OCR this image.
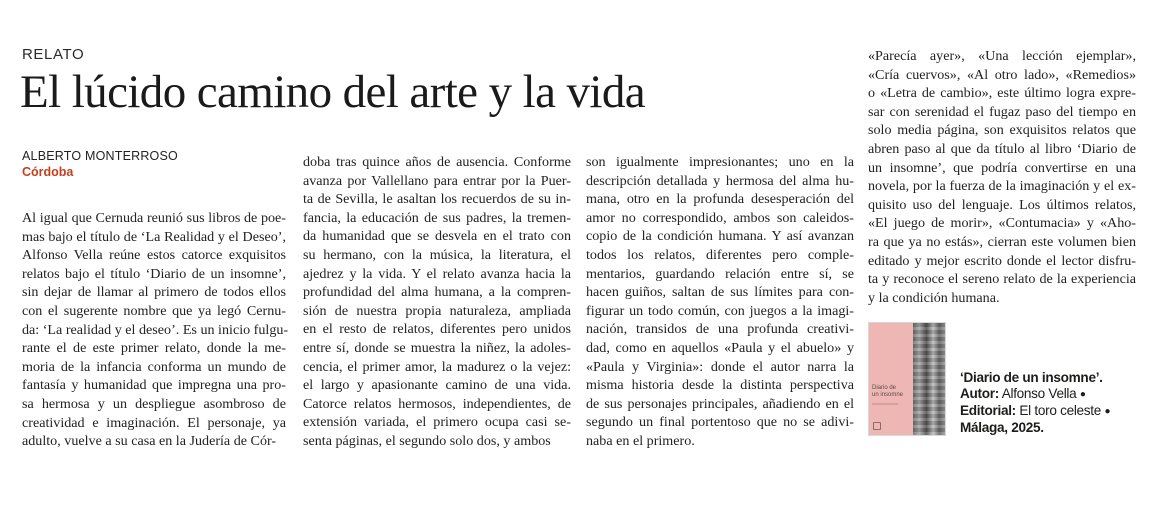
RELATO
El lúcido camino del arte y la vida
ALBERTO MONTERROSO
Córdoba
Al igual que Cernuda reunió sus libros de poe-
mas bajo el título de ‘La Realidad y el Deseo’,
Alfonso Vella reúne estos catorce exquisitos
relatos bajo el título ‘Diario de un insomne’,
sin dejar de llamar al primero de todos ellos
con el sugerente nombre que ya legó Cernu-
da: ‘La realidad y el deseo’. Es un inicio fulgu-
rante el de este primer relato, donde la me-
moria de la infancia conforma un mundo de
fantasía y humanidad que impregna una pro-
sa hermosa y un despliegue asombroso de
creatividad e imaginación. El personaje, ya
adulto, vuelve a su casa en la Judería de Cór-
doba tras quince años de ausencia. Conforme
avanza por Vallellano para entrar por la Puer-
ta de Sevilla, le asaltan los recuerdos de su in-
fancia, la educación de sus padres, la tremen-
da humanidad que se desvela en el trato con
su hermano, con la música, la literatura, el
ajedrez y la vida. Y el relato avanza hacia la
profundidad del alma humana, a la compren-
sión de nuestra propia naturaleza, ampliada
en el resto de relatos, diferentes pero unidos
entre sí, donde se muestra la niñez, la adoles-
cencia, el primer amor, la madurez o la vejez:
el largo y apasionante camino de una vida.
Catorce relatos hermosos, independientes, de
extensión variada, el primero ocupa casi se-
senta páginas, el segundo solo dos, y ambos
son igualmente impresionantes; uno en la
descripción detallada y hermosa del alma hu-
mana, otro en la profunda desesperación del
amor no correspondido, ambos son caleidos-
copio de la condición humana. Y así avanzan
todos los relatos, diferentes pero comple-
mentarios, guardando relación entre sí, se
hacen guiños, saltan de sus límites para con-
figurar un todo común, con juegos a la imagi-
nación, transidos de una profunda creativi-
dad, como en aquellos «Paula y el abuelo» y
«Paula y Virginia»: donde el autor narra la
misma historia desde la distinta perspectiva
de sus personajes principales, añadiendo en el
segundo un final portentoso que no se adivi-
naba en el primero.
«Parecía ayer», «Una lección ejemplar»,
«Cría cuervos», «Al otro lado», «Remedios»
o «Letra de cambio», este último logra expre-
sar con serenidad el fugaz paso del tiempo en
solo media página, son exquisitos relatos que
abren paso al que da título al libro ‘Diario de
un insomne’, que podría convertirse en una
novela, por la fuerza de la imaginación y el ex-
quisito uso del lenguaje. Los últimos relatos,
«El juego de morir», «Contumacia» y «Aho-
ra que ya no estás», cierran este volumen bien
editado y mejor escrito donde el lector disfru-
ta y reconoce el sereno relato de la experiencia
y la condición humana.
Diario de
un insomne
‘Diario de un insomne’. Autor: Alfonso Vella ● Editorial: El toro celeste ● Málaga, 2025.
